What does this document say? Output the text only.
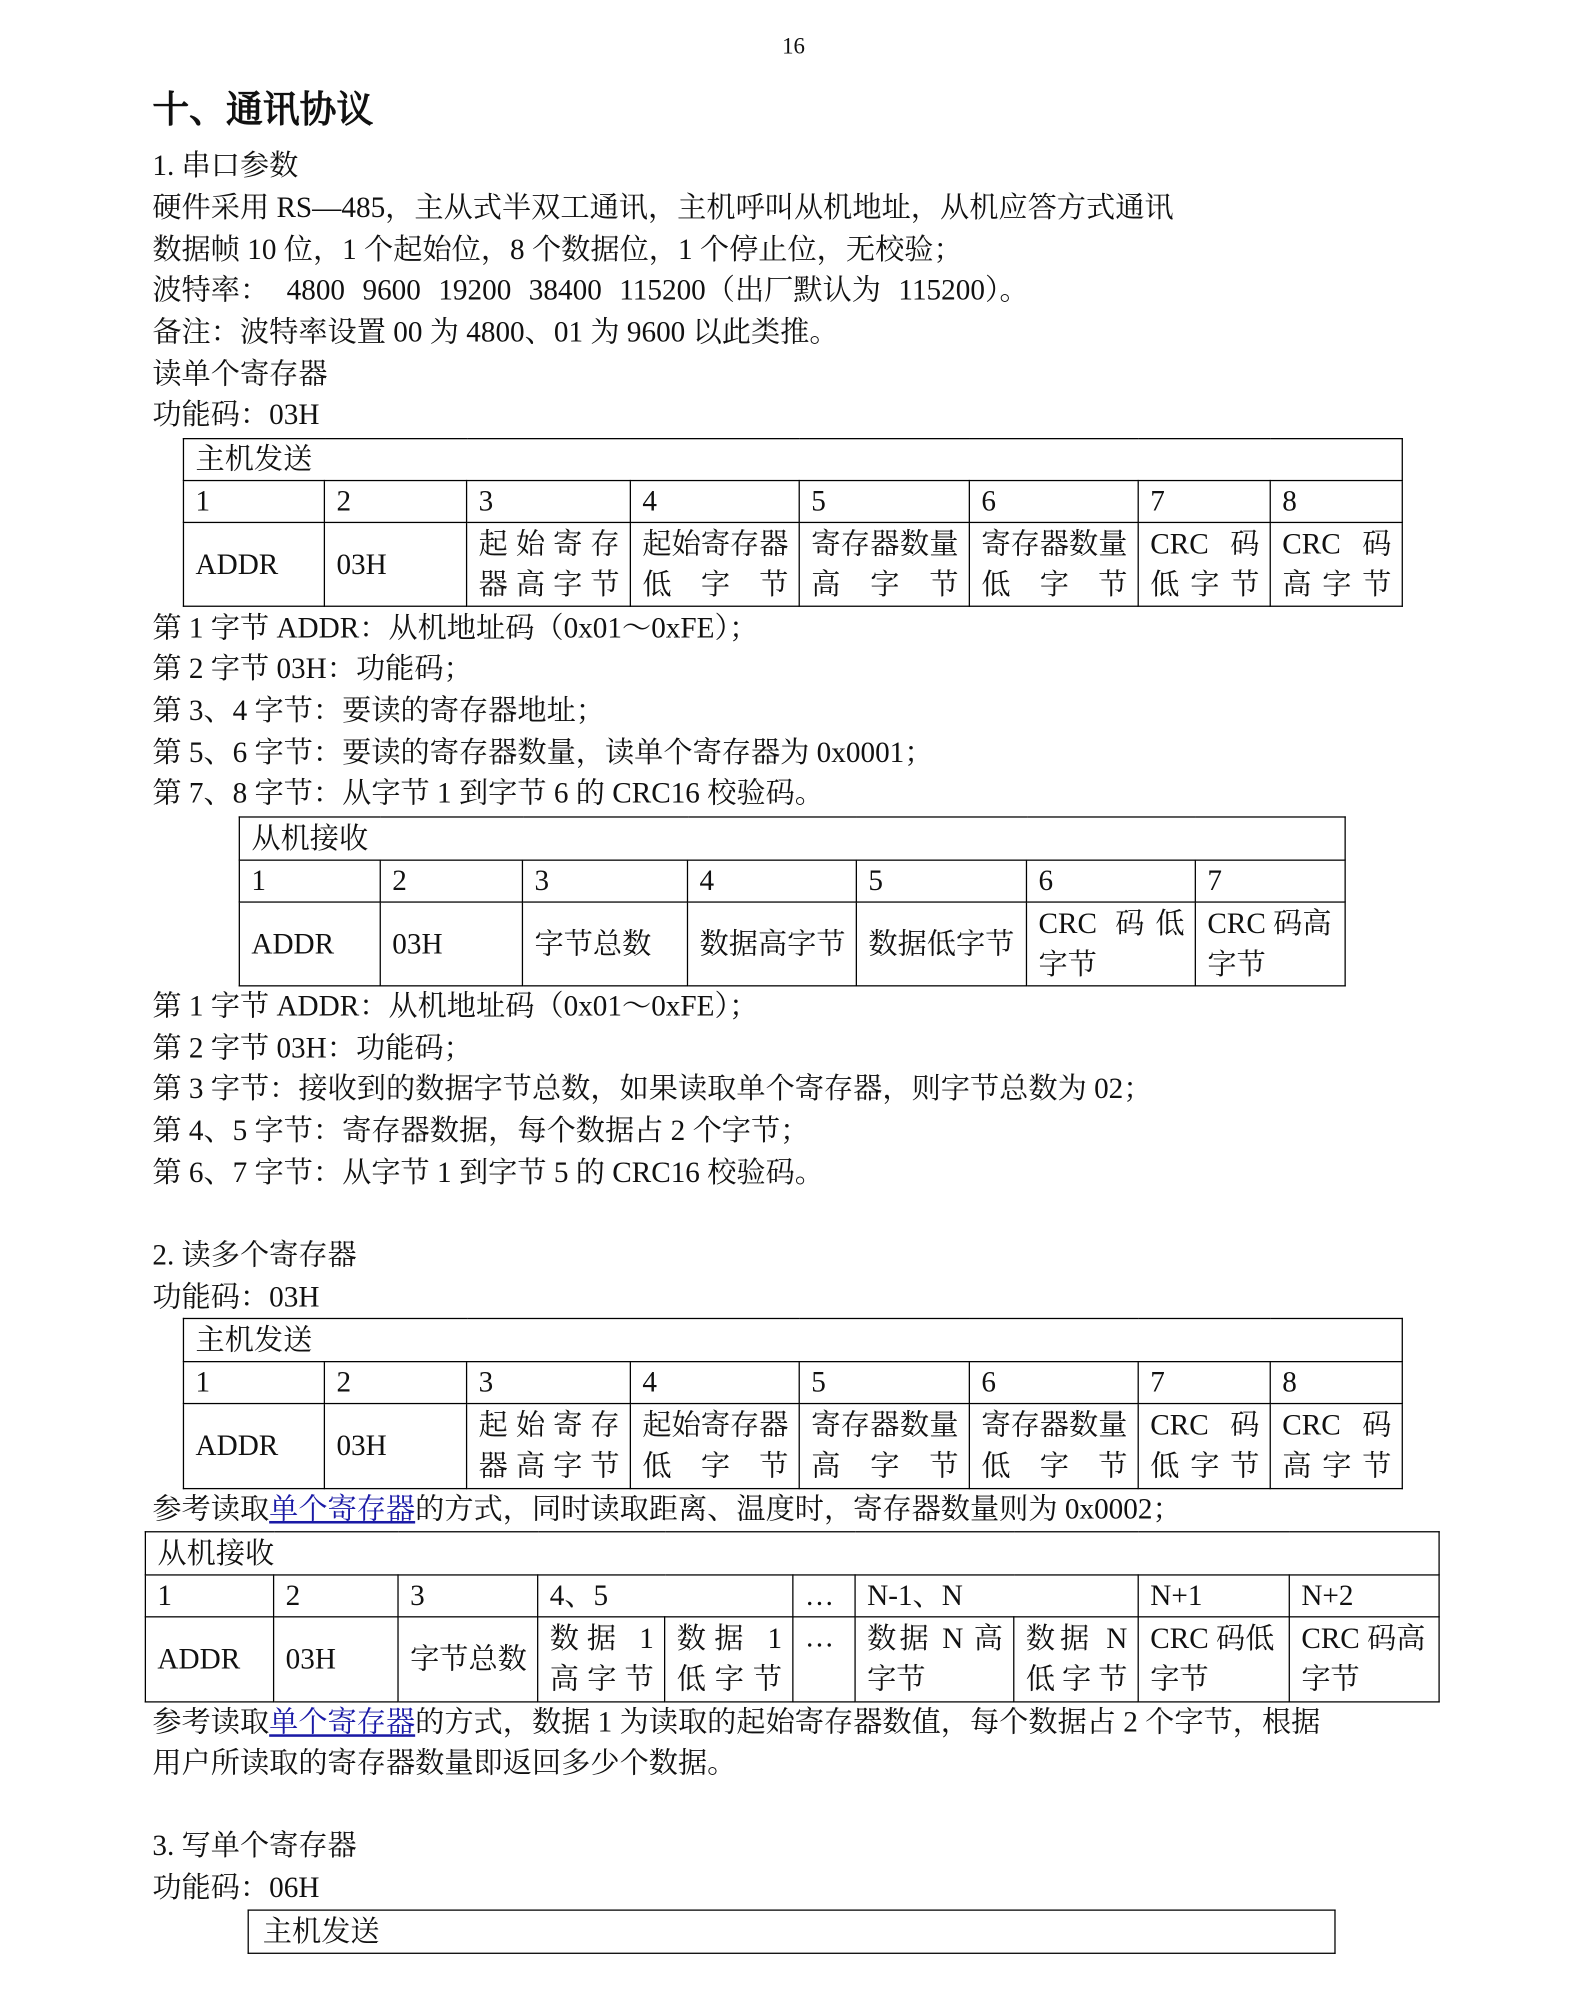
16
十、通讯协议
1. 串口参数
硬件采用 RS—485，主从式半双工通讯，主机呼叫从机地址，从机应答方式通讯
数据帧 10 位，1 个起始位，8 个数据位，1 个停止位，无校验；
波特率： 4800 9600 19200 38400 115200（出厂默认为 115200）。
备注：波特率设置 00 为 4800、01 为 9600 以此类推。
读单个寄存器
功能码：03H
主机发送							
1	2	3	4	5	6	7	8
ADDR	03H	起始寄存器高字节	起始寄存器低字节	寄存器数量高字节	寄存器数量低字节	CRC 码低字节	CRC 码高字节
第 1 字节 ADDR：从机地址码（0x01～0xFE）；
第 2 字节 03H：功能码；
第 3、4 字节：要读的寄存器地址；
第 5、6 字节：要读的寄存器数量，读单个寄存器为 0x0001；
第 7、8 字节：从字节 1 到字节 6 的 CRC16 校验码。
从机接收						
1	2	3	4	5	6	7
ADDR	03H	字节总数	数据高字节	数据低字节	CRC 码低字节	CRC 码高字节
第 1 字节 ADDR：从机地址码（0x01～0xFE）；
第 2 字节 03H：功能码；
第 3 字节：接收到的数据字节总数，如果读取单个寄存器，则字节总数为 02；
第 4、5 字节：寄存器数据，每个数据占 2 个字节；
第 6、7 字节：从字节 1 到字节 5 的 CRC16 校验码。
2. 读多个寄存器
功能码：03H
主机发送							
1	2	3	4	5	6	7	8
ADDR	03H	起始寄存器高字节	起始寄存器低字节	寄存器数量高字节	寄存器数量低字节	CRC 码低字节	CRC 码高字节
参考读取单个寄存器的方式，同时读取距离、温度时，寄存器数量则为 0x0002；
从机接收									
1	2	3	4、5		…	N-1、N		N+1	N+2
ADDR	03H	字节总数	数据 1 高字节	数据 1 低字节	…	数据 N 高字节	数据 N 低字节	CRC 码低字节	CRC 码高字节
参考读取单个寄存器的方式，数据 1 为读取的起始寄存器数值，每个数据占 2 个字节，根据
用户所读取的寄存器数量即返回多少个数据。
3. 写单个寄存器
功能码：06H
主机发送
